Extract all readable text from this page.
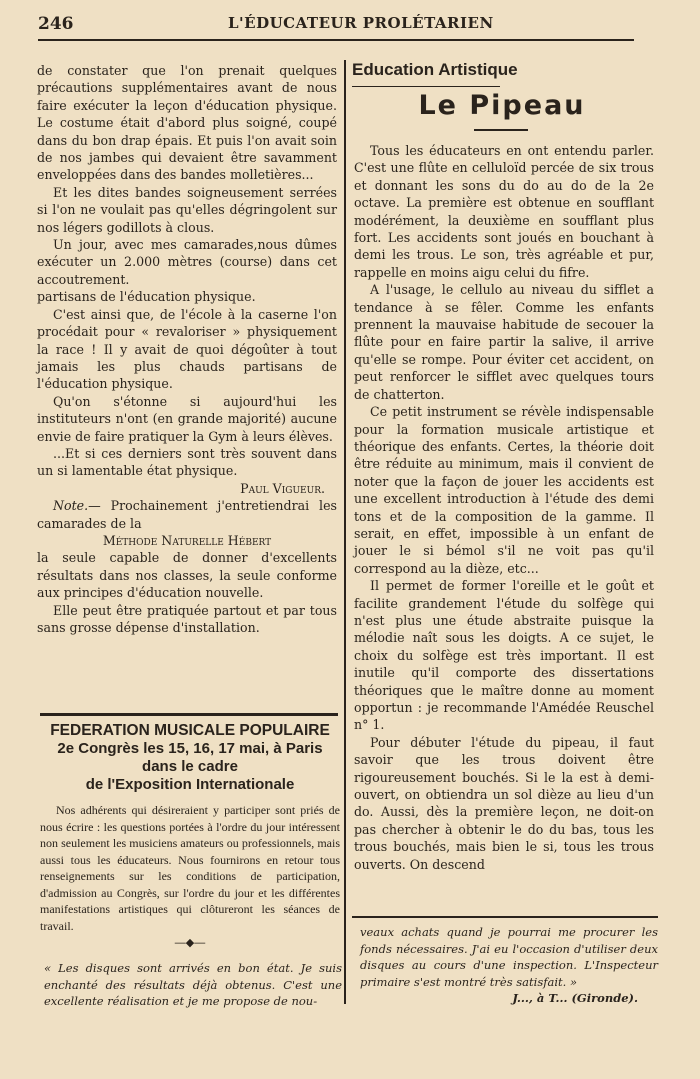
246	L'ÉDUCATEUR PROLÉTARIEN

de constater que l'on prenait quelques précautions supplémentaires avant de nous faire exécuter la leçon d'éducation physique. Le costume était d'abord plus soigné, coupé dans du bon drap épais. Et puis l'on avait soin de nos jambes qui devaient être savamment enveloppées dans des bandes molletières...

Et les dites bandes soigneusement serrées si l'on ne voulait pas qu'elles dégringolent sur nos légers godillots à clous.

Un jour, avec mes camarades,nous dûmes exécuter un 2.000 mètres (course) dans cet accoutrement.

partisans de l'éducation physique.

C'est ainsi que, de l'école à la caserne l'on procédait pour « revaloriser » physiquement la race ! Il y avait de quoi dégoûter à tout jamais les plus chauds partisans de l'éducation physique.

Qu'on s'étonne si aujourd'hui les instituteurs n'ont (en grande majorité) aucune envie de faire pratiquer la Gym à leurs élèves.

...Et si ces derniers sont très souvent dans un si lamentable état physique.

Paul Vigueur.

Note.— Prochainement j'entretiendrai les camarades de la

Méthode Naturelle Hébert

la seule capable de donner d'excellents résultats dans nos classes, la seule conforme aux principes d'éducation nouvelle.

Elle peut être pratiquée partout et par tous sans grosse dépense d'installation.

FEDERATION MUSICALE POPULAIRE

2e Congrès les 15, 16, 17 mai, à Paris

dans le cadre

de l'Exposition Internationale

Nos adhérents qui désireraient y participer sont priés de nous écrire : les questions portées à l'ordre du jour intéressent non seulement les musiciens amateurs ou professionnels, mais aussi tous les éducateurs. Nous fournirons en retour tous renseignements sur les conditions de participation, d'admission au Congrès, sur l'ordre du jour et les différentes manifestations artistiques qui clôtureront les séances de travail.

—◆—

« Les disques sont arrivés en bon état. Je suis enchanté des résultats déjà obtenus. C'est une excellente réalisation et je me propose de nou-
Education Artistique
Le Pipeau

Tous les éducateurs en ont entendu parler. C'est une flûte en celluloïd percée de six trous et donnant les sons du do au do de la 2e octave. La première est obtenue en soufflant modérément, la deuxième en soufflant plus fort. Les accidents sont joués en bouchant à demi les trous. Le son, très agréable et pur, rappelle en moins aigu celui du fifre.

A l'usage, le cellulo au niveau du sifflet a tendance à se fêler. Comme les enfants prennent la mauvaise habitude de secouer la flûte pour en faire partir la salive, il arrive qu'elle se rompe. Pour éviter cet accident, on peut renforcer le sifflet avec quelques tours de chatterton.

Ce petit instrument se révèle indispensable pour la formation musicale artistique et théorique des enfants. Certes, la théorie doit être réduite au minimum, mais il convient de noter que la façon de jouer les accidents est une excellent introduction à l'étude des demi tons et de la composition de la gamme. Il serait, en effet, impossible à un enfant de jouer le si bémol s'il ne voit pas qu'il correspond au la dièze, etc...

Il permet de former l'oreille et le goût et facilite grandement l'étude du solfège qui n'est plus une étude abstraite puisque la mélodie naît sous les doigts. A ce sujet, le choix du solfège est très important. Il est inutile qu'il comporte des dissertations théoriques que le maître donne au moment opportun : je recommande l'Amédée Reuschel n° 1.

Pour débuter l'étude du pipeau, il faut savoir que les trous doivent être rigoureusement bouchés. Si le la est à demi-ouvert, on obtiendra un sol dièze au lieu d'un do. Aussi, dès la première leçon, ne doit-on pas chercher à obtenir le do du bas, tous les trous bouchés, mais bien le si, tous les trous ouverts. On descend

veaux achats quand je pourrai me procurer les fonds nécessaires. J'ai eu l'occasion d'utiliser deux disques au cours d'une inspection. L'Inspecteur primaire s'est montré très satisfait. »
J..., à T... (Gironde).
